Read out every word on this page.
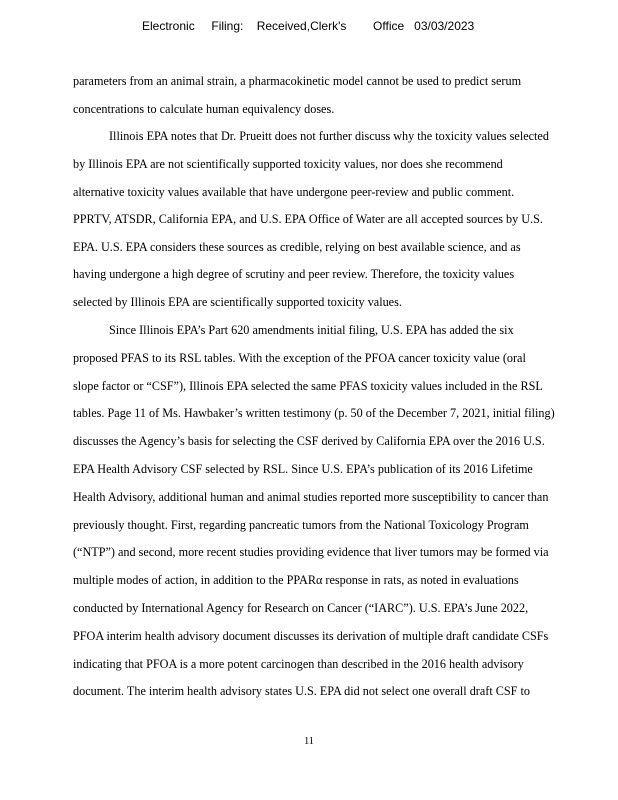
Electronic     Filing:    Received,Clerk's        Office   03/03/2023
parameters from an animal strain, a pharmacokinetic model cannot be used to predict serum
concentrations to calculate human equivalency doses.
Illinois EPA notes that Dr. Prueitt does not further discuss why the toxicity values selected
by Illinois EPA are not scientifically supported toxicity values, nor does she recommend
alternative toxicity values available that have undergone peer-review and public comment.
PPRTV, ATSDR, California EPA, and U.S. EPA Office of Water are all accepted sources by U.S.
EPA. U.S. EPA considers these sources as credible, relying on best available science, and as
having undergone a high degree of scrutiny and peer review. Therefore, the toxicity values
selected by Illinois EPA are scientifically supported toxicity values.
Since Illinois EPA’s Part 620 amendments initial filing, U.S. EPA has added the six
proposed PFAS to its RSL tables. With the exception of the PFOA cancer toxicity value (oral
slope factor or “CSF”), Illinois EPA selected the same PFAS toxicity values included in the RSL
tables. Page 11 of Ms. Hawbaker’s written testimony (p. 50 of the December 7, 2021, initial filing)
discusses the Agency’s basis for selecting the CSF derived by California EPA over the 2016 U.S.
EPA Health Advisory CSF selected by RSL. Since U.S. EPA’s publication of its 2016 Lifetime
Health Advisory, additional human and animal studies reported more susceptibility to cancer than
previously thought. First, regarding pancreatic tumors from the National Toxicology Program
(“NTP”) and second, more recent studies providing evidence that liver tumors may be formed via
multiple modes of action, in addition to the PPARα response in rats, as noted in evaluations
conducted by International Agency for Research on Cancer (“IARC”). U.S. EPA’s June 2022,
PFOA interim health advisory document discusses its derivation of multiple draft candidate CSFs
indicating that PFOA is a more potent carcinogen than described in the 2016 health advisory
document. The interim health advisory states U.S. EPA did not select one overall draft CSF to
11
